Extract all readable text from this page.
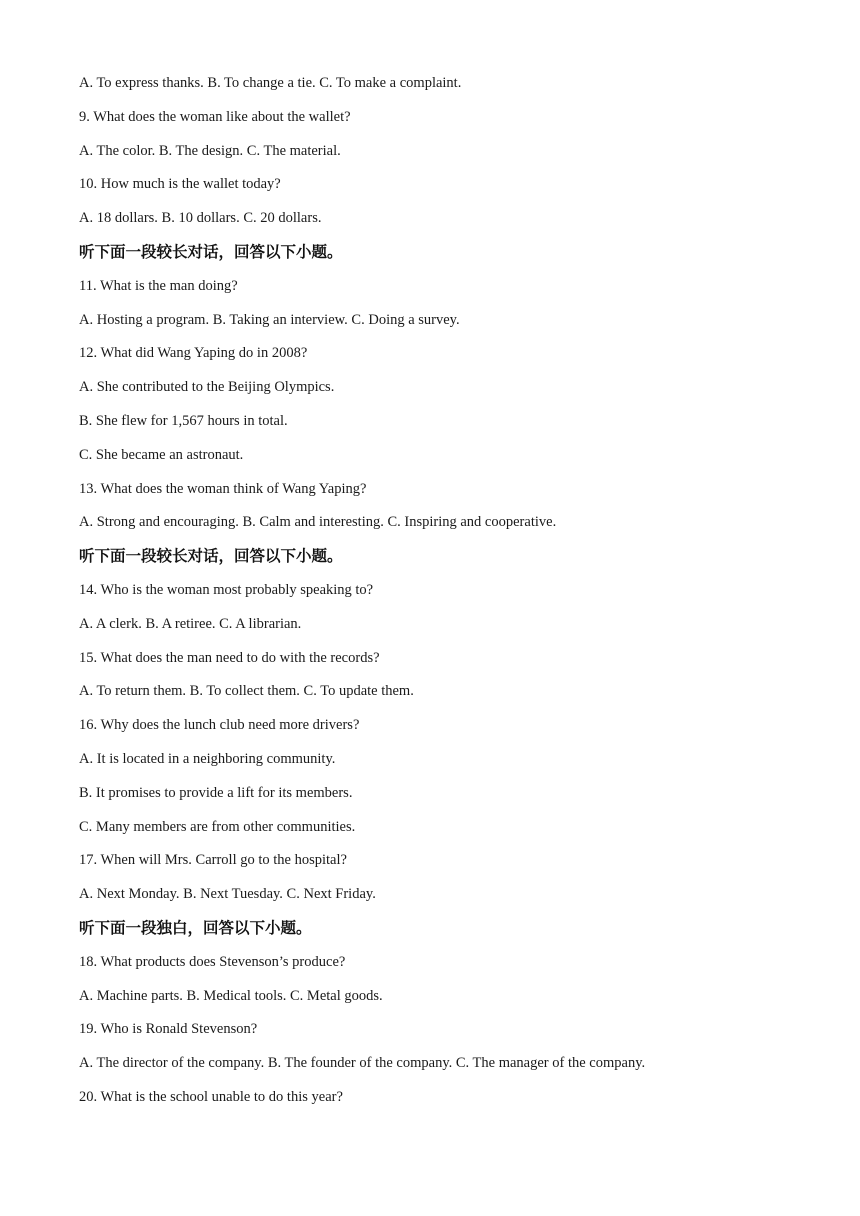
A. To express thanks. B. To change a tie. C. To make a complaint.
9. What does the woman like about the wallet?
A. The color. B. The design. C. The material.
10. How much is the wallet today?
A. 18 dollars. B. 10 dollars. C. 20 dollars.
听下面一段较长对话，回答以下小题。
11. What is the man doing?
A. Hosting a program. B. Taking an interview. C. Doing a survey.
12. What did Wang Yaping do in 2008?
A. She contributed to the Beijing Olympics.
B. She flew for 1,567 hours in total.
C. She became an astronaut.
13. What does the woman think of Wang Yaping?
A. Strong and encouraging. B. Calm and interesting. C. Inspiring and cooperative.
听下面一段较长对话，回答以下小题。
14. Who is the woman most probably speaking to?
A. A clerk. B. A retiree. C. A librarian.
15. What does the man need to do with the records?
A. To return them. B. To collect them. C. To update them.
16. Why does the lunch club need more drivers?
A. It is located in a neighboring community.
B. It promises to provide a lift for its members.
C. Many members are from other communities.
17. When will Mrs. Carroll go to the hospital?
A. Next Monday. B. Next Tuesday. C. Next Friday.
听下面一段独白，回答以下小题。
18. What products does Stevenson’s produce?
A. Machine parts. B. Medical tools. C. Metal goods.
19. Who is Ronald Stevenson?
A. The director of the company. B. The founder of the company. C. The manager of the company.
20. What is the school unable to do this year?
